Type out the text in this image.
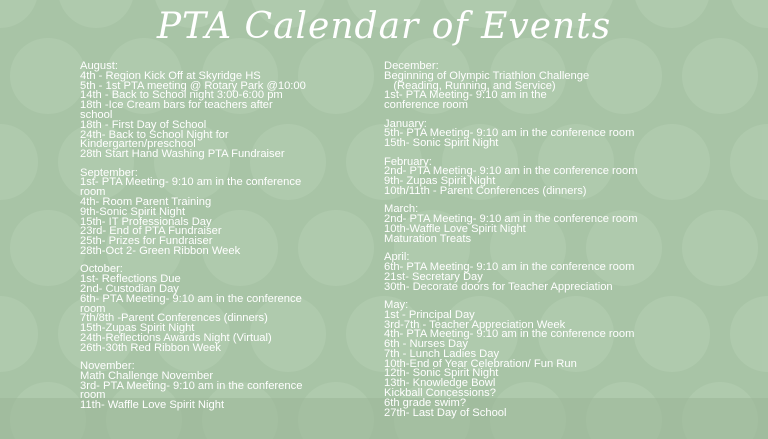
PTA Calendar of Events
August:
4th - Region Kick Off at Skyridge HS
5th - 1st PTA meeting @ Rotary Park @10:00
14th - Back to School night 3:00-6:00 pm
18th -Ice Cream bars for teachers after
school
18th - First Day of School
24th- Back to School Night for
Kindergarten/preschool
28th Start Hand Washing PTA Fundraiser
September:
1st- PTA Meeting- 9:10 am in the conference
room
4th- Room Parent Training
9th-Sonic Spirit Night
15th- IT Professionals Day
23rd- End of PTA Fundraiser
25th- Prizes for Fundraiser
28th-Oct 2- Green Ribbon Week
October:
1st- Reflections Due
2nd- Custodian Day
6th- PTA Meeting- 9:10 am in the conference
room
7th/8th -Parent Conferences (dinners)
15th-Zupas Spirit Night
24th-Reflections Awards Night (Virtual)
26th-30th Red Ribbon Week
November:
Math Challenge November
3rd- PTA Meeting- 9:10 am in the conference
room
11th- Waffle Love Spirit Night
December:
Beginning of Olympic Triathlon Challenge
(Reading, Running, and Service)
1st- PTA Meeting- 9:10 am in the
conference room
January:
5th- PTA Meeting- 9:10 am in the conference room
15th- Sonic Spirit Night
February:
2nd- PTA Meeting- 9:10 am in the conference room
9th- Zupas Spirit Night
10th/11th - Parent Conferences (dinners)
March:
2nd- PTA Meeting- 9:10 am in the conference room
10th-Waffle Love Spirit Night
Maturation Treats
April:
6th- PTA Meeting- 9:10 am in the conference room
21st- Secretary Day
30th- Decorate doors for Teacher Appreciation
May:
1st - Principal Day
3rd-7th - Teacher Appreciation Week
4th- PTA Meeting- 9:10 am in the conference room
6th - Nurses Day
7th - Lunch Ladies Day
10th-End of Year Celebration/ Fun Run
12th- Sonic Spirit Night
13th- Knowledge Bowl
Kickball Concessions?
6th grade swim?
27th- Last Day of School
